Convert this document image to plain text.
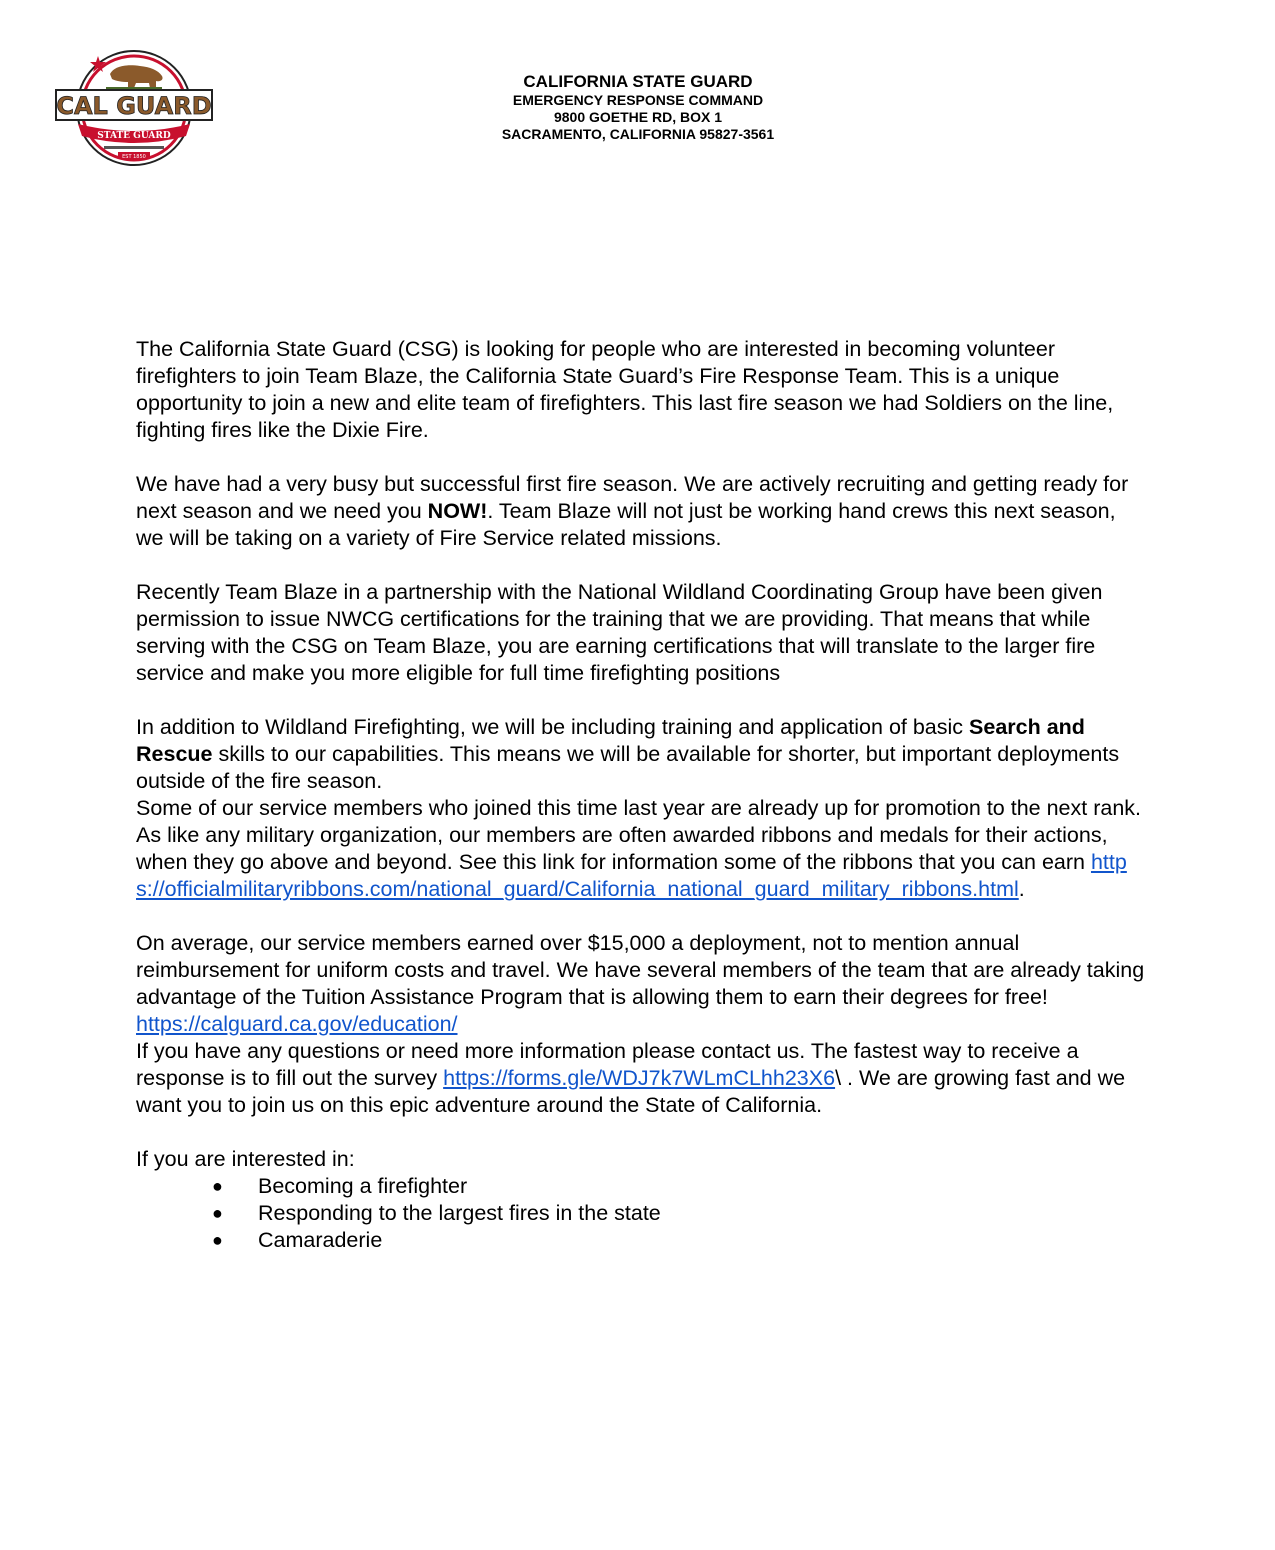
CAL GUARD
STATE GUARD
EST 1850
CALIFORNIA STATE GUARD
EMERGENCY RESPONSE COMMAND
9800 GOETHE RD, BOX 1
SACRAMENTO, CALIFORNIA 95827-3561

The California State Guard (CSG) is looking for people who are interested in becoming volunteer firefighters to join Team Blaze, the California State Guard’s Fire Response Team. This is a unique opportunity to join a new and elite team of firefighters. This last fire season we had Soldiers on the line, fighting fires like the Dixie Fire.

We have had a very busy but successful first fire season. We are actively recruiting and getting ready for next season and we need you NOW!. Team Blaze will not just be working hand crews this next season, we will be taking on a variety of Fire Service related missions.

Recently Team Blaze in a partnership with the National Wildland Coordinating Group have been given permission to issue NWCG certifications for the training that we are providing. That means that while serving with the CSG on Team Blaze, you are earning certifications that will translate to the larger fire service and make you more eligible for full time firefighting positions

In addition to Wildland Firefighting, we will be including training and application of basic Search and Rescue skills to our capabilities. This means we will be available for shorter, but important deployments outside of the fire season.

Some of our service members who joined this time last year are already up for promotion to the next rank. As like any military organization, our members are often awarded ribbons and medals for their actions, when they go above and beyond. See this link for information some of the ribbons that you can earn https://officialmilitaryribbons.com/national_guard/California_national_guard_military_ribbons.html.

On average, our service members earned over $15,000 a deployment, not to mention annual reimbursement for uniform costs and travel. We have several members of the team that are already taking advantage of the Tuition Assistance Program that is allowing them to earn their degrees for free! https://calguard.ca.gov/education/

If you have any questions or need more information please contact us. The fastest way to receive a response is to fill out the survey https://forms.gle/WDJ7k7WLmCLhh23X6\ . We are growing fast and we want you to join us on this epic adventure around the State of California.

If you are interested in:

● Becoming a firefighter
● Responding to the largest fires in the state
● Camaraderie
